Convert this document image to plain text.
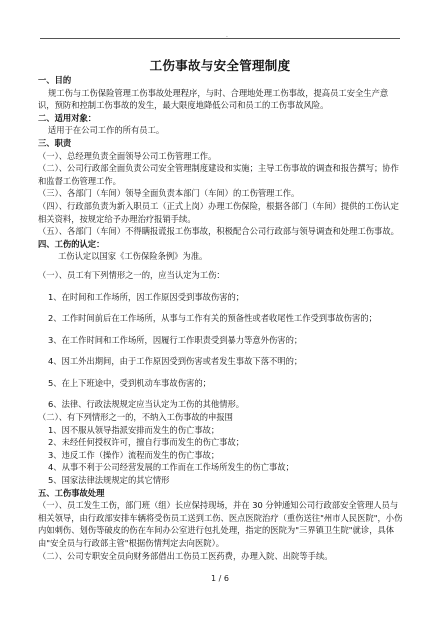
.
工伤事故与安全管理制度
一、目的
规工伤与工伤保险管理工伤事故处理程序，与时、合理地处理工伤事故，提高员工安全生产意识，预防和控制工伤事故的发生，最大限度地降低公司和员工的工伤事故风险。
二、适用对象：
适用于在公司工作的所有员工。
三、职责
（一）、总经理负责全面领导公司工伤管理工作。
（二）、公司行政部全面负责公司安全管理制度建设和实施；主导工伤事故的调查和报告撰写；协作和监督工伤管理工作。
（三）、各部门（车间）领导全面负责本部门（车间）的工伤管理工作。
（四）、行政部负责为新入职员工（正式上岗）办理工伤保险，根据各部门（车间）提供的工伤认定相关资料，按规定给予办理治疗报销手续。
（五）、各部门（车间）不得瞒报谎报工伤事故，积极配合公司行政部与领导调查和处理工伤事故。
四、工伤的认定：
工伤认定以国家《工伤保险条例》为准。
（一）、员工有下列情形之一的，应当认定为工伤：
1、在时间和工作场所，因工作原因受到事故伤害的；
2、工作时间前后在工作场所，从事与工作有关的预备性或者收尾性工作受到事故伤害的；
3、在工作时间和工作场所，因履行工作职责受到暴力等意外伤害的；
4、因工外出期间，由于工作原因受到伤害或者发生事故下落不明的；
5、在上下班途中，受到机动车事故伤害的；
6、法律、行政法规规定应当认定为工伤的其他情形。
（二）、有下列情形之一的，不纳入工伤事故的申报围
1、因不服从领导指派安排而发生的伤亡事故；
2、未经任何授权许可，擅自行事而发生的伤亡事故；
3、违反工作（操作）流程而发生的伤亡事故；
4、从事不利于公司经营发展的工作而在工作场所发生的伤亡事故；
5、国家法律法规规定的其它情形
五、工伤事故处理
（一）、员工发生工伤，部门班（组）长应保持现场，并在 30 分钟通知公司行政部安全管理人员与相关领导，由行政部安排车辆将受伤员工送到工伤、医点医院治疗（重伤送往"州市人民医院"，小伤内如刺伤、划伤等破皮的伤在车间办公室进行包扎处理，指定的医院为"三界镇卫生院"就诊，具体由"安全员与行政部主管"根据伤情判定去向医院）。
（二）、公司专职安全员向财务部借出工伤员工医药费，办理入院、出院等手续。
1 / 6
